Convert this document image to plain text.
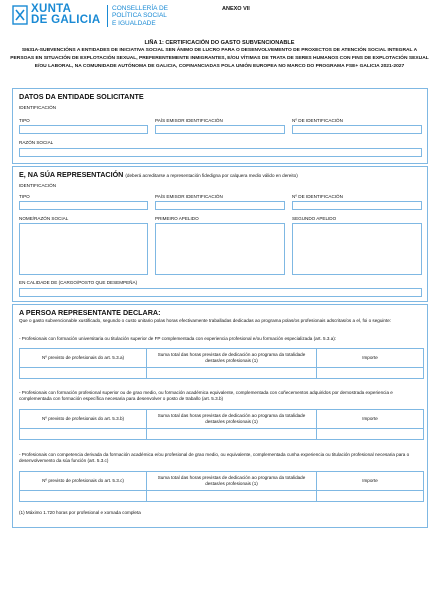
XUNTA
DE GALICIA
CONSELLERÍA DE
POLÍTICA SOCIAL
E IGUALDADE
ANEXO VII
LIÑA 1: CERTIFICACIÓN DO GASTO SUBVENCIONABLE
SI631A-SUBVENCIÓNS A ENTIDADES DE INICIATIVA SOCIAL SEN ÁNIMO DE LUCRO PARA O DESENVOLVEMENTO DE PROXECTOS DE ATENCIÓN SOCIAL INTEGRAL A PERSOAS EN SITUACIÓN DE EXPLOTACIÓN SEXUAL, PREFERENTEMENTE INMIGRANTES, E/OU VÍTIMAS DE TRATA DE SERES HUMANOS CON FINS DE EXPLOTACIÓN SEXUAL E/OU LABORAL, NA COMUNIDADE AUTÓNOMA DE GALICIA, COFINANCIADAS POLA UNIÓN EUROPEA NO MARCO DO PROGRAMA FSE+ GALICIA 2021-2027
DATOS DA ENTIDADE SOLICITANTE
IDENTIFICACIÓN
TIPO	PAÍS EMISOR IDENTIFICACIÓN	Nº DE IDENTIFICACIÓN
RAZÓN SOCIAL
E, NA SÚA REPRESENTACIÓN (deberá acreditarse a representación fidedigna por calquera medio válido en dereito)
IDENTIFICACIÓN
TIPO	PAÍS EMISOR IDENTIFICACIÓN	Nº DE IDENTIFICACIÓN
NOME/RAZÓN SOCIAL	PRIMEIRO APELIDO	SEGUNDO APELIDO
EN CALIDADE DE (CARGO/POSTO QUE DESEMPEÑA)
A PERSOA REPRESENTANTE DECLARA:
Que o gasto subvencionable xustificado, segundo o custo unitario polas horas efectivamente traballadas dedicadas ao programa polas/os profesionais adscritas/os a el, foi o seguinte:
- Profesionais con formación universitaria ou titulación superior de FP complementada con experiencia profesional e/ou formación especializada (art. 5.3.a):
Nº previsto de profesionais do art. 5.3.a)	Suma total das horas previstas de dedicación ao programa da totalidade destas/es profesionais (1)	Importe

- Profesionais con formación profesional superior ou de grao medio, ou formación académica equivalente, complementada con coñecementos adquiridos por demostrada experiencia e complementada con formación específica necesaria para desenvolver o posto de traballo (art. 5.3.b)
Nº previsto de profesionais do art. 5.3.b)	Suma total das horas previstas de dedicación ao programa da totalidade destas/es profesionais (1)	Importe

- Profesionais con competencia derivada da formación académica e/ou profesional de grao medio, ou equivalente, complementada cunha experiencia ou titulación profesional necesaria para o desenvolvemento da súa función (art. 5.3.c)
Nº previsto de profesionais do art. 5.3.c)	Suma total das horas previstas de dedicación ao programa da totalidade destas/es profesionais (1)	Importe

(1) Máximo 1.720 horas por profesional e xornada completa
